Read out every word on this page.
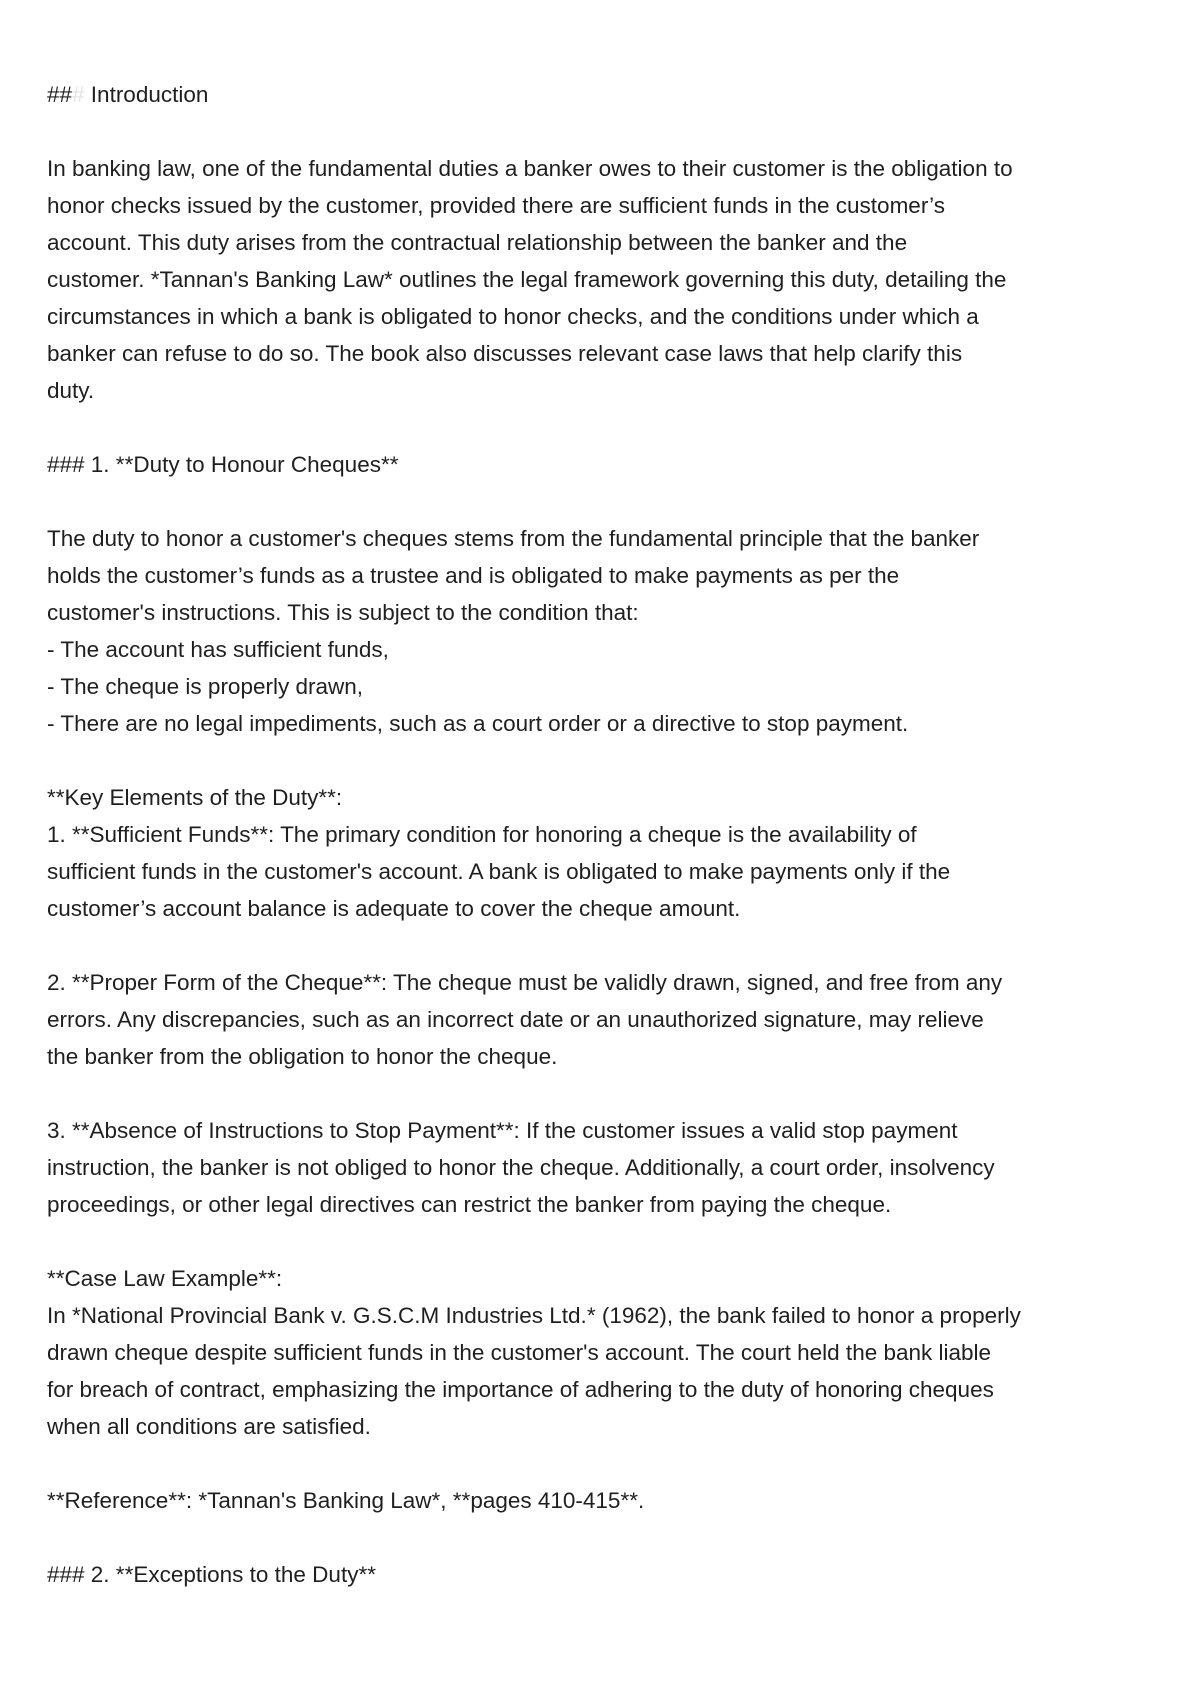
### Introduction
In banking law, one of the fundamental duties a banker owes to their customer is the obligation to
honor checks issued by the customer, provided there are sufficient funds in the customer’s
account. This duty arises from the contractual relationship between the banker and the
customer. *Tannan's Banking Law* outlines the legal framework governing this duty, detailing the
circumstances in which a bank is obligated to honor checks, and the conditions under which a
banker can refuse to do so. The book also discusses relevant case laws that help clarify this
duty.
### 1. **Duty to Honour Cheques**
The duty to honor a customer's cheques stems from the fundamental principle that the banker
holds the customer’s funds as a trustee and is obligated to make payments as per the
customer's instructions. This is subject to the condition that:
- The account has sufficient funds,
- The cheque is properly drawn,
- There are no legal impediments, such as a court order or a directive to stop payment.
**Key Elements of the Duty**:
1. **Sufficient Funds**: The primary condition for honoring a cheque is the availability of
sufficient funds in the customer's account. A bank is obligated to make payments only if the
customer’s account balance is adequate to cover the cheque amount.
2. **Proper Form of the Cheque**: The cheque must be validly drawn, signed, and free from any
errors. Any discrepancies, such as an incorrect date or an unauthorized signature, may relieve
the banker from the obligation to honor the cheque.
3. **Absence of Instructions to Stop Payment**: If the customer issues a valid stop payment
instruction, the banker is not obliged to honor the cheque. Additionally, a court order, insolvency
proceedings, or other legal directives can restrict the banker from paying the cheque.
**Case Law Example**:
In *National Provincial Bank v. G.S.C.M Industries Ltd.* (1962), the bank failed to honor a properly
drawn cheque despite sufficient funds in the customer's account. The court held the bank liable
for breach of contract, emphasizing the importance of adhering to the duty of honoring cheques
when all conditions are satisfied.
**Reference**: *Tannan's Banking Law*, **pages 410-415**.
### 2. **Exceptions to the Duty**
